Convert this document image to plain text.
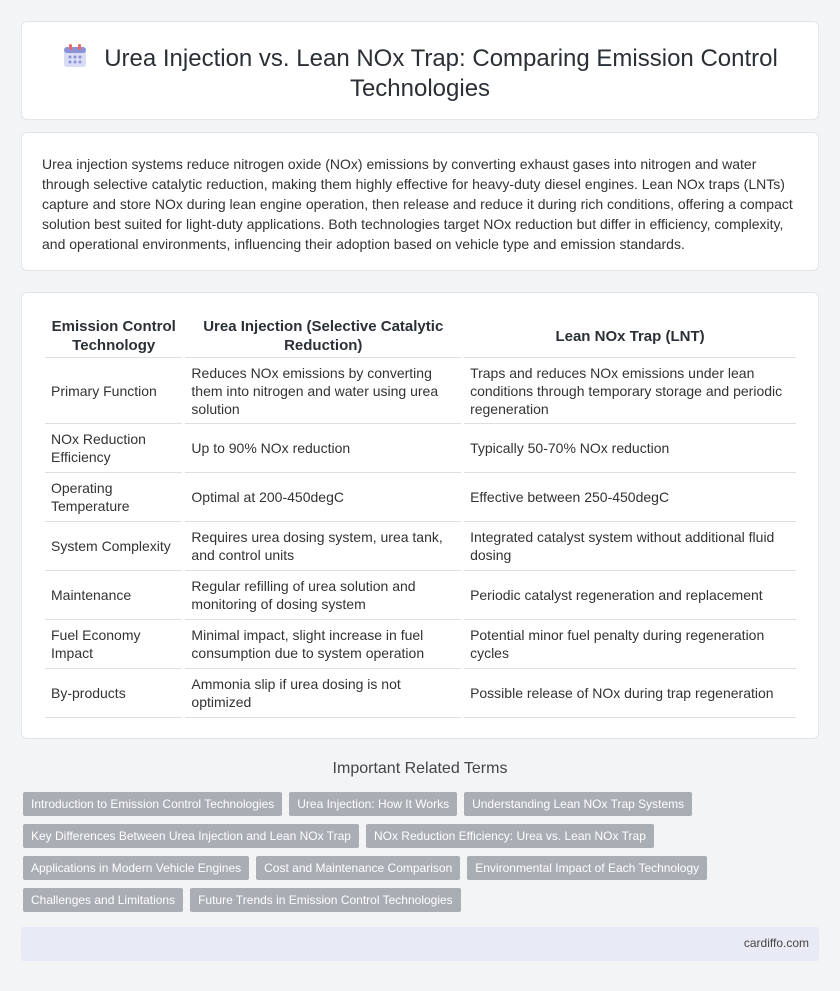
Urea Injection vs. Lean NOx Trap: Comparing Emission Control Technologies

Urea injection systems reduce nitrogen oxide (NOx) emissions by converting exhaust gases into nitrogen and water through selective catalytic reduction, making them highly effective for heavy-duty diesel engines. Lean NOx traps (LNTs) capture and store NOx during lean engine operation, then release and reduce it during rich conditions, offering a compact solution best suited for light-duty applications. Both technologies target NOx reduction but differ in efficiency, complexity, and operational environments, influencing their adoption based on vehicle type and emission standards.

Emission Control Technology	Urea Injection (Selective Catalytic Reduction)	Lean NOx Trap (LNT)
Primary Function	Reduces NOx emissions by converting them into nitrogen and water using urea solution	Traps and reduces NOx emissions under lean conditions through temporary storage and periodic regeneration
NOx Reduction Efficiency	Up to 90% NOx reduction	Typically 50-70% NOx reduction
Operating Temperature	Optimal at 200-450degC	Effective between 250-450degC
System Complexity	Requires urea dosing system, urea tank, and control units	Integrated catalyst system without additional fluid dosing
Maintenance	Regular refilling of urea solution and monitoring of dosing system	Periodic catalyst regeneration and replacement
Fuel Economy Impact	Minimal impact, slight increase in fuel consumption due to system operation	Potential minor fuel penalty during regeneration cycles
By-products	Ammonia slip if urea dosing is not optimized	Possible release of NOx during trap regeneration
Important Related Terms
Introduction to Emission Control Technologies	Urea Injection: How It Works	Understanding Lean NOx Trap Systems
Key Differences Between Urea Injection and Lean NOx Trap	NOx Reduction Efficiency: Urea vs. Lean NOx Trap
Applications in Modern Vehicle Engines	Cost and Maintenance Comparison	Environmental Impact of Each Technology
Challenges and Limitations	Future Trends in Emission Control Technologies
cardiffo.com
